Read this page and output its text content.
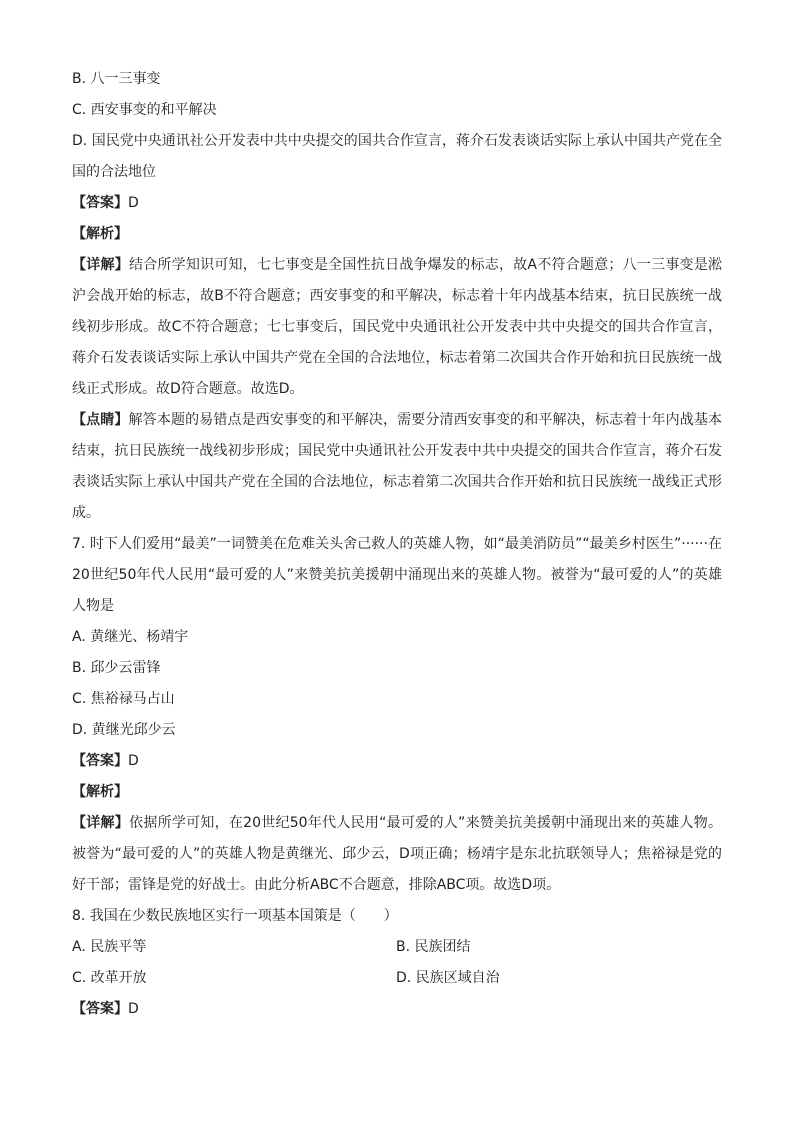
B. 八一三事变
C. 西安事变的和平解决
D. 国民党中央通讯社公开发表中共中央提交的国共合作宣言，蒋介石发表谈话实际上承认中国共产党在全国的合法地位
【答案】D
【解析】
【详解】结合所学知识可知，七七事变是全国性抗日战争爆发的标志，故A不符合题意；八一三事变是淞沪会战开始的标志，故B不符合题意；西安事变的和平解决，标志着十年内战基本结束，抗日民族统一战线初步形成。故C不符合题意；七七事变后，国民党中央通讯社公开发表中共中央提交的国共合作宣言，蒋介石发表谈话实际上承认中国共产党在全国的合法地位，标志着第二次国共合作开始和抗日民族统一战线正式形成。故D符合题意。故选D。
【点睛】解答本题的易错点是西安事变的和平解决，需要分清西安事变的和平解决，标志着十年内战基本结束，抗日民族统一战线初步形成；国民党中央通讯社公开发表中共中央提交的国共合作宣言，蒋介石发表谈话实际上承认中国共产党在全国的合法地位，标志着第二次国共合作开始和抗日民族统一战线正式形成。
7. 时下人们爱用“最美”一词赞美在危难关头舍己救人的英雄人物，如“最美消防员”“最美乡村医生”······在20世纪50年代人民用“最可爱的人”来赞美抗美援朝中涌现出来的英雄人物。被誉为“最可爱的人”的英雄人物是
A. 黄继光、杨靖宇
B. 邱少云雷锋
C. 焦裕禄马占山
D. 黄继光邱少云
【答案】D
【解析】
【详解】依据所学可知，在20世纪50年代人民用“最可爱的人”来赞美抗美援朝中涌现出来的英雄人物。被誉为“最可爱的人”的英雄人物是黄继光、邱少云，D项正确；杨靖宇是东北抗联领导人；焦裕禄是党的好干部；雷锋是党的好战士。由此分析ABC不合题意，排除ABC项。故选D项。
8. 我国在少数民族地区实行一项基本国策是（　　）
A. 民族平等	B. 民族团结
C. 改革开放	D. 民族区域自治
【答案】D
